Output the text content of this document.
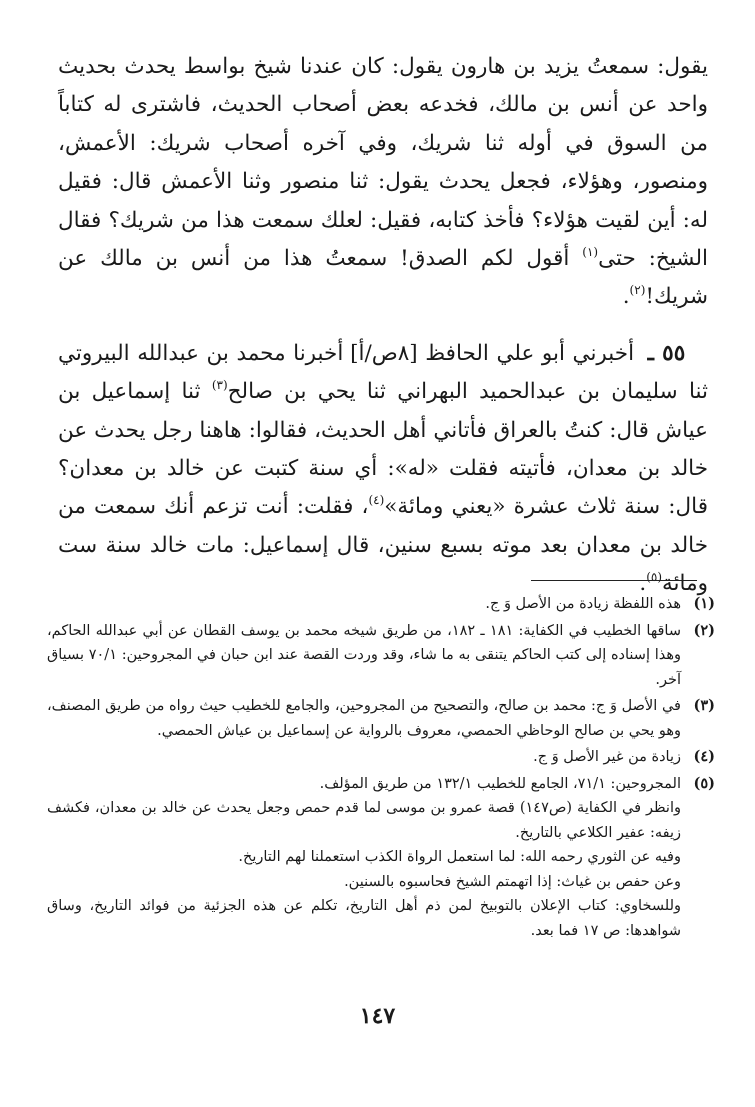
يقول: سمعتُ يزيد بن هارون يقول: كان عندنا شيخ بواسط يحدث بحديث واحد عن أنس بن مالك، فخدعه بعض أصحاب الحديث، فاشترى له كتاباً من السوق في أوله ثنا شريك، وفي آخره أصحاب شريك: الأعمش، ومنصور، وهؤلاء، فجعل يحدث يقول: ثنا منصور وثنا الأعمش قال: فقيل له: أين لقيت هؤلاء؟ فأخذ كتابه، فقيل: لعلك سمعت هذا من شريك؟ فقال الشيخ: حتى$^{(١)}$ أقول لكم الصدق! سمعتُ هذا من أنس بن مالك عن شريك!$^{(٢)}$.

٥٥ ـ أخبرني أبو علي الحافظ [٨ص/أ] أخبرنا محمد بن عبدالله البيروتي ثنا سليمان بن عبدالحميد البهراني ثنا يحي بن صالح$^{(٣)}$ ثنا إسماعيل بن عياش قال: كنتُ بالعراق فأتاني أهل الحديث، فقالوا: هاهنا رجل يحدث عن خالد بن معدان، فأتيته فقلت «له»: أي سنة كتبت عن خالد بن معدان؟ قال: سنة ثلاث عشرة «يعني ومائة»$^{(٤)}$، فقلت: أنت تزعم أنك سمعت من خالد بن معدان بعد موته بسبع سنين، قال إسماعيل: مات خالد سنة ست ومائة$^{(٥)}$.

(١)

هذه اللفظة زيادة من الأصل وَ ج.

(٢)

ساقها الخطيب في الكفاية: ١٨١ ـ ١٨٢، من طريق شيخه محمد بن يوسف القطان عن أبي عبدالله الحاكم، وهذا إسناده إلى كتب الحاكم يتنقى به ما شاء، وقد وردت القصة عند ابن حبان في المجروحين: ٧٠/١ بسياق آخر.

(٣)

في الأصل وَ ج: محمد بن صالح، والتصحيح من المجروحين، والجامع للخطيب حيث رواه من طريق المصنف، وهو يحي بن صالح الوحاظي الحمصي، معروف بالرواية عن إسماعيل بن عياش الحمصي.

(٤)

زيادة من غير الأصل وَ ج.

(٥)

المجروحين: ٧١/١، الجامع للخطيب ١٣٢/١ من طريق المؤلف.

وانظر في الكفاية (ص١٤٧) قصة عمرو بن موسى لما قدم حمص وجعل يحدث عن خالد بن معدان، فكشف زيفه: عفير الكلاعي بالتاريخ.

وفيه عن الثوري رحمه الله: لما استعمل الرواة الكذب استعملنا لهم التاريخ.

وعن حفص بن غياث: إذا اتهمتم الشيخ فحاسبوه بالسنين.

وللسخاوي: كتاب الإعلان بالتوبيخ لمن ذم أهل التاريخ، تكلم عن هذه الجزئية من فوائد التاريخ، وساق شواهدها: ص ١٧ فما بعد.

١٤٧
